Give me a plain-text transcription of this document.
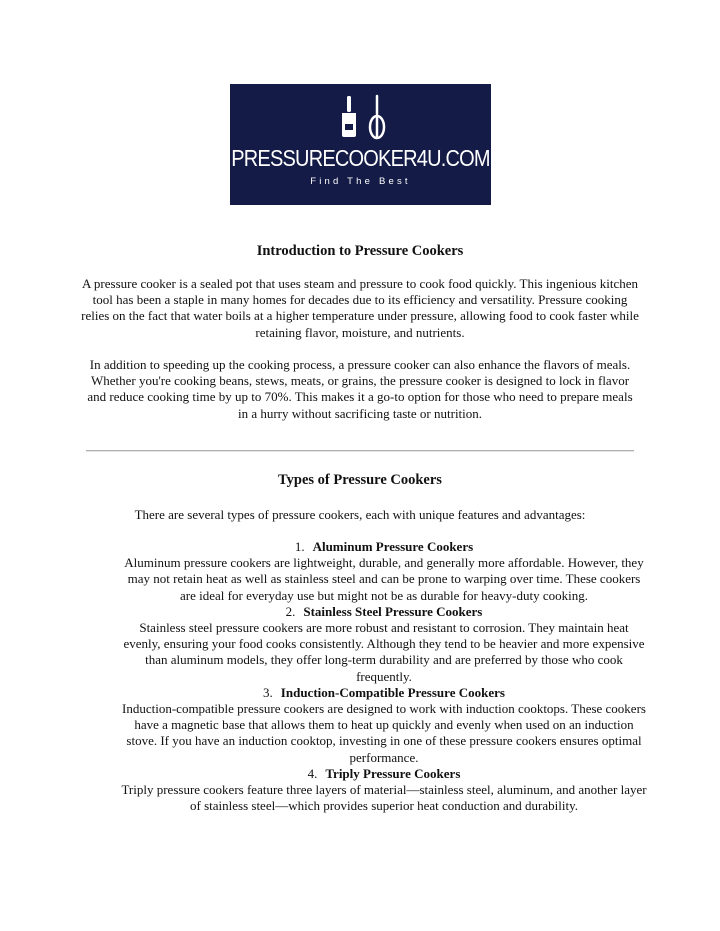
PRESSURECOOKER4U.COM
Find The Best
Introduction to Pressure Cookers

A pressure cooker is a sealed pot that uses steam and pressure to cook food quickly. This ingenious kitchen tool has been a staple in many homes for decades due to its efficiency and versatility. Pressure cooking relies on the fact that water boils at a higher temperature under pressure, allowing food to cook faster while retaining flavor, moisture, and nutrients.

In addition to speeding up the cooking process, a pressure cooker can also enhance the flavors of meals. Whether you're cooking beans, stews, meats, or grains, the pressure cooker is designed to lock in flavor and reduce cooking time by up to 70%. This makes it a go-to option for those who need to prepare meals in a hurry without sacrificing taste or nutrition.

Types of Pressure Cookers

There are several types of pressure cookers, each with unique features and advantages:

1. Aluminum Pressure Cookers
Aluminum pressure cookers are lightweight, durable, and generally more affordable. However, they may not retain heat as well as stainless steel and can be prone to warping over time. These cookers are ideal for everyday use but might not be as durable for heavy-duty cooking.
2. Stainless Steel Pressure Cookers
Stainless steel pressure cookers are more robust and resistant to corrosion. They maintain heat evenly, ensuring your food cooks consistently. Although they tend to be heavier and more expensive than aluminum models, they offer long-term durability and are preferred by those who cook frequently.
3. Induction-Compatible Pressure Cookers
Induction-compatible pressure cookers are designed to work with induction cooktops. These cookers have a magnetic base that allows them to heat up quickly and evenly when used on an induction stove. If you have an induction cooktop, investing in one of these pressure cookers ensures optimal performance.
4. Triply Pressure Cookers
Triply pressure cookers feature three layers of material—stainless steel, aluminum, and another layer of stainless steel—which provides superior heat conduction and durability.
